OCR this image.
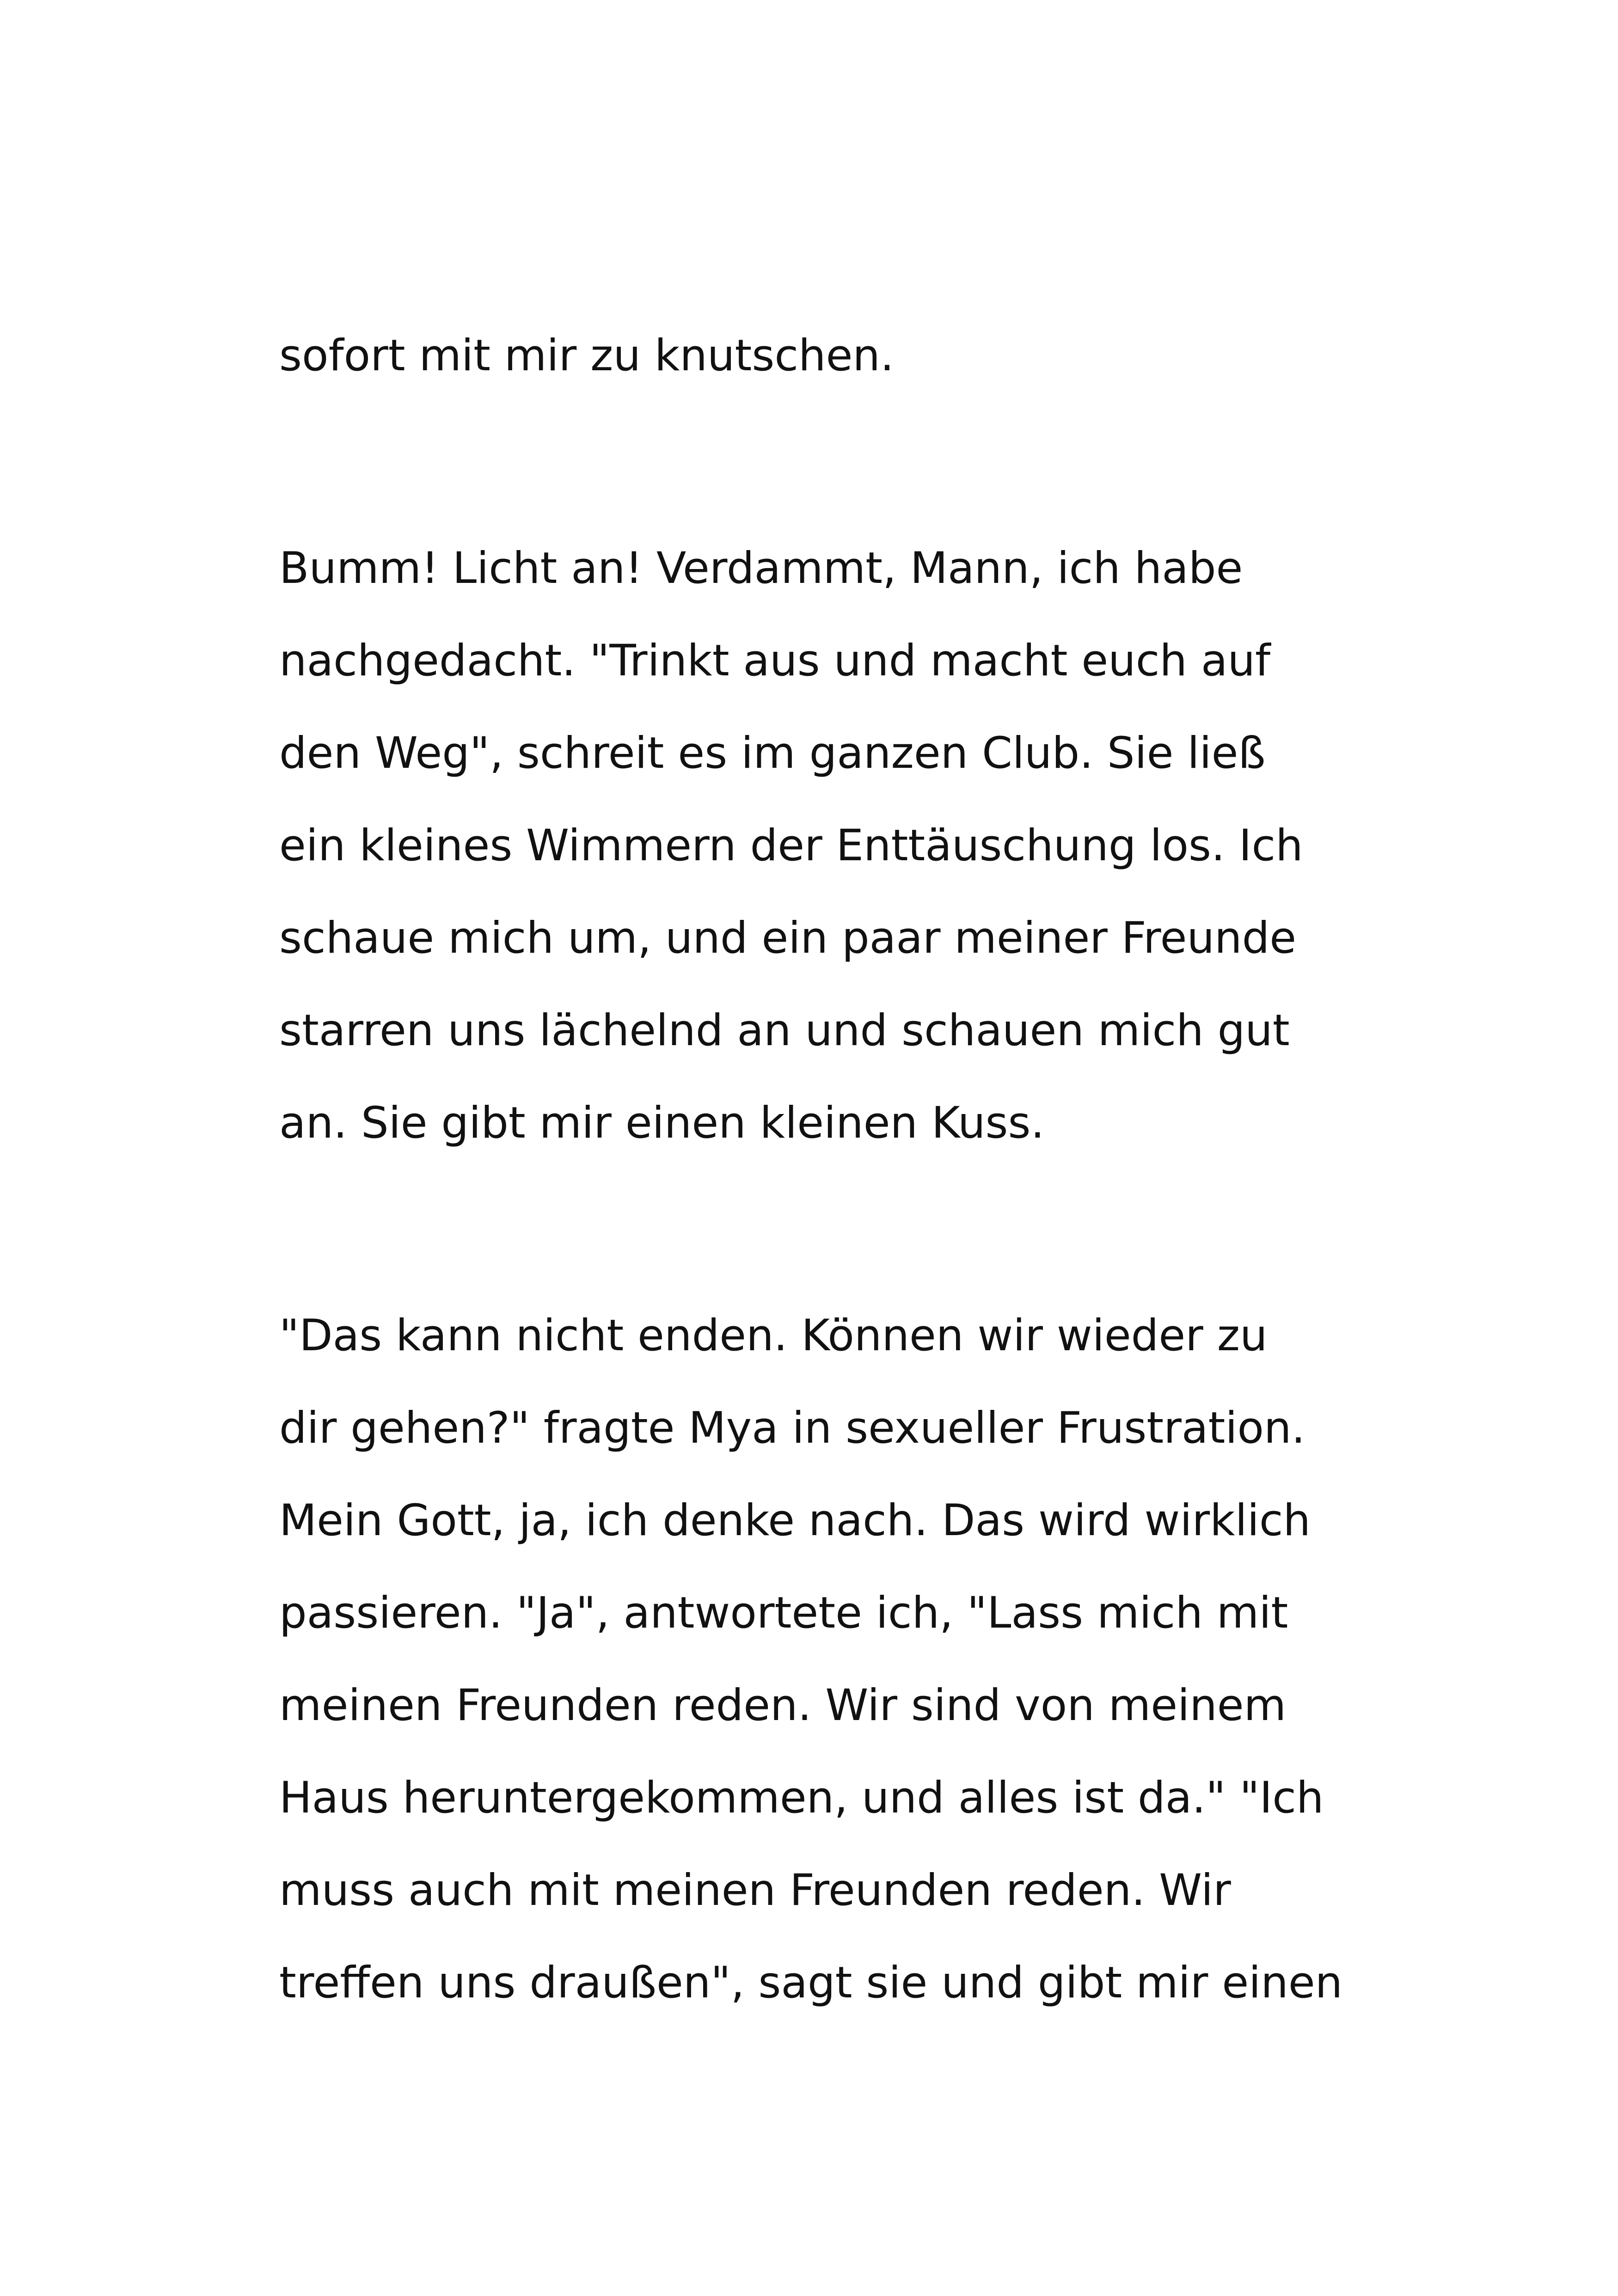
sofort mit mir zu knutschen.

Bumm! Licht an! Verdammt, Mann, ich habe
nachgedacht. "Trinkt aus und macht euch auf
den Weg", schreit es im ganzen Club. Sie ließ
ein kleines Wimmern der Enttäuschung los. Ich
schaue mich um, und ein paar meiner Freunde
starren uns lächelnd an und schauen mich gut
an. Sie gibt mir einen kleinen Kuss.

"Das kann nicht enden. Können wir wieder zu
dir gehen?" fragte Mya in sexueller Frustration.
Mein Gott, ja, ich denke nach. Das wird wirklich
passieren. "Ja", antwortete ich, "Lass mich mit
meinen Freunden reden. Wir sind von meinem
Haus heruntergekommen, und alles ist da." "Ich
muss auch mit meinen Freunden reden. Wir
treffen uns draußen", sagt sie und gibt mir einen
